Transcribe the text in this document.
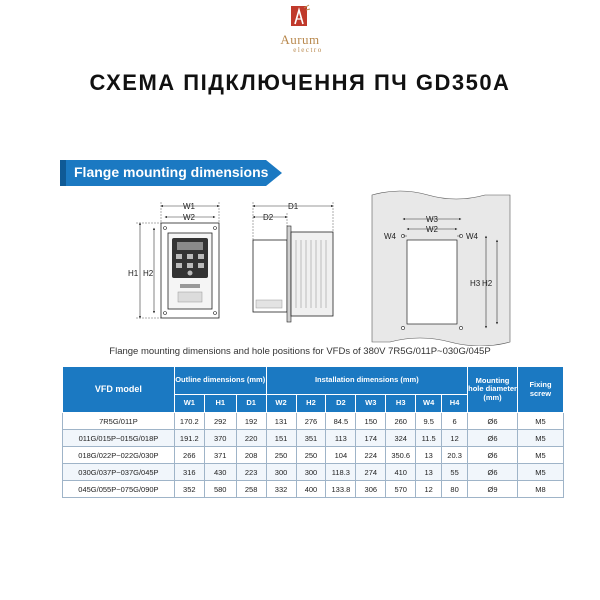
Aurum
electro
СХЕМА ПІДКЛЮЧЕННЯ ПЧ GD350A
Flange mounting dimensions
W1
W2
H1 H2
D1
D2	W3
W2
W4	W4
H3 H2
Flange mounting dimensions and hole positions for VFDs of 380V 7R5G/011P~030G/045P
VFD model	Outline dimensions (mm)			Installation dimensions (mm)							Mounting hole diameter (mm)	Fixing screw
	W1	H1	D1	W2	H2	D2	W3	H3	W4	H4		
7R5G/011P	170.2	292	192	131	276	84.5	150	260	9.5	6	Ø6	M5
011G/015P~015G/018P	191.2	370	220	151	351	113	174	324	11.5	12	Ø6	M5
018G/022P~022G/030P	266	371	208	250	250	104	224	350.6	13	20.3	Ø6	M5
030G/037P~037G/045P	316	430	223	300	300	118.3	274	410	13	55	Ø6	M5
045G/055P~075G/090P	352	580	258	332	400	133.8	306	570	12	80	Ø9	M8
